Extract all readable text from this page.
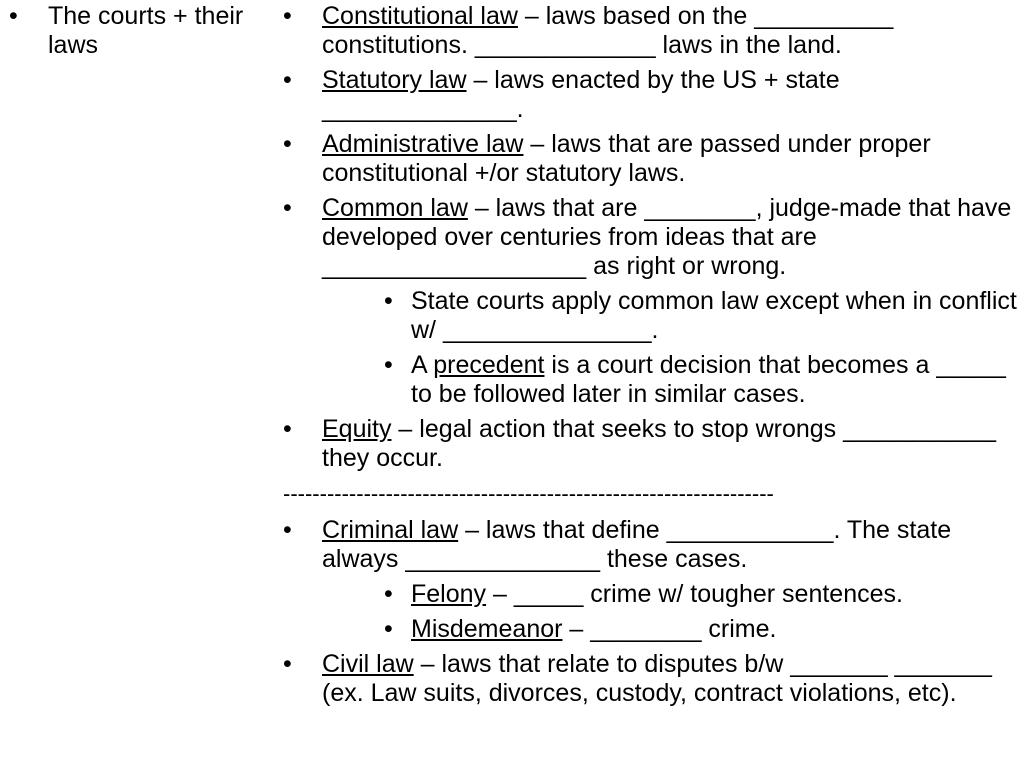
• The courts + their laws
• Constitutional law – laws based on the __________ constitutions. _____________ laws in the land.
• Statutory law – laws enacted by the US + state ______________.
• Administrative law – laws that are passed under proper constitutional +/or statutory laws.
• Common law – laws that are ________, judge-made that have developed over centuries from ideas that are ___________________ as right or wrong.
• State courts apply common law except when in conflict w/ _______________.
• A precedent is a court decision that becomes a _____ to be followed later in similar cases.
• Equity – legal action that seeks to stop wrongs ___________ they occur.
-------------------------------------------------------------------
• Criminal law – laws that define ____________. The state always ______________ these cases.
• Felony – _____ crime w/ tougher sentences.
• Misdemeanor – ________ crime.
• Civil law – laws that relate to disputes b/w _______ _______ (ex. Law suits, divorces, custody, contract violations, etc).
